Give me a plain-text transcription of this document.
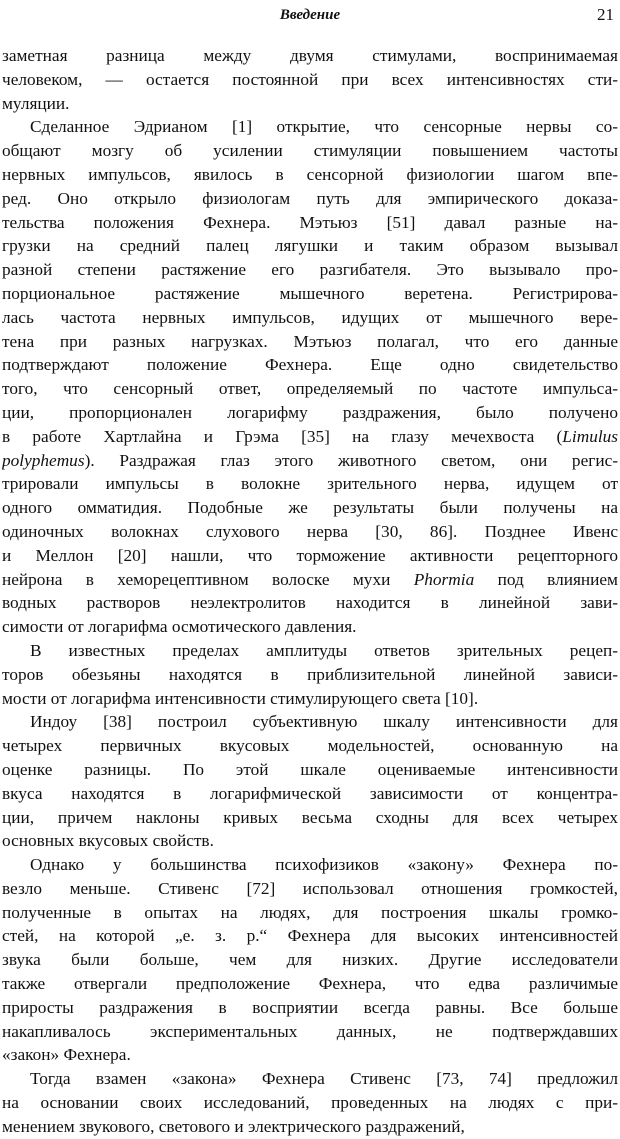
Введение	21
заметная разница между двумя стимулами, воспринимаемая
человеком, — остается постоянной при всех интенсивностях сти-
муляции.
Сделанное Эдрианом [1] открытие, что сенсорные нервы со-
общают мозгу об усилении стимуляции повышением частоты
нервных импульсов, явилось в сенсорной физиологии шагом впе-
ред. Оно открыло физиологам путь для эмпирического доказа-
тельства положения Фехнера. Мэтьюз [51] давал разные на-
грузки на средний палец лягушки и таким образом вызывал
разной степени растяжение его разгибателя. Это вызывало про-
порциональное растяжение мышечного веретена. Регистрирова-
лась частота нервных импульсов, идущих от мышечного вере-
тена при разных нагрузках. Мэтьюз полагал, что его данные
подтверждают положение Фехнера. Еще одно свидетельство
того, что сенсорный ответ, определяемый по частоте импульса-
ции, пропорционален логарифму раздражения, было получено
в работе Хартлайна и Грэма [35] на глазу мечехвоста (Limulus
polyphemus). Раздражая глаз этого животного светом, они регис-
трировали импульсы в волокне зрительного нерва, идущем от
одного омматидия. Подобные же результаты были получены на
одиночных волокнах слухового нерва [30, 86]. Позднее Ивенс
и Меллон [20] нашли, что торможение активности рецепторного
нейрона в хеморецептивном волоске мухи Phormia под влиянием
водных растворов неэлектролитов находится в линейной зави-
симости от логарифма осмотического давления.
В известных пределах амплитуды ответов зрительных рецеп-
торов обезьяны находятся в приблизительной линейной зависи-
мости от логарифма интенсивности стимулирующего света [10].
Индоу [38] построил субъективную шкалу интенсивности для
четырех первичных вкусовых модельностей, основанную на
оценке разницы. По этой шкале оцениваемые интенсивности
вкуса находятся в логарифмической зависимости от концентра-
ции, причем наклоны кривых весьма сходны для всех четырех
основных вкусовых свойств.
Однако у большинства психофизиков «закону» Фехнера по-
везло меньше. Стивенс [72] использовал отношения громкостей,
полученные в опытах на людях, для построения шкалы громко-
стей, на которой „е. з. р.“ Фехнера для высоких интенсивностей
звука были больше, чем для низких. Другие исследователи
также отвергали предположение Фехнера, что едва различимые
приросты раздражения в восприятии всегда равны. Все больше
накапливалось экспериментальных данных, не подтверждавших
«закон» Фехнера.
Тогда взамен «закона» Фехнера Стивенс [73, 74] предложил
на основании своих исследований, проведенных на людях с при-
менением звукового, светового и электрического раздражений,
